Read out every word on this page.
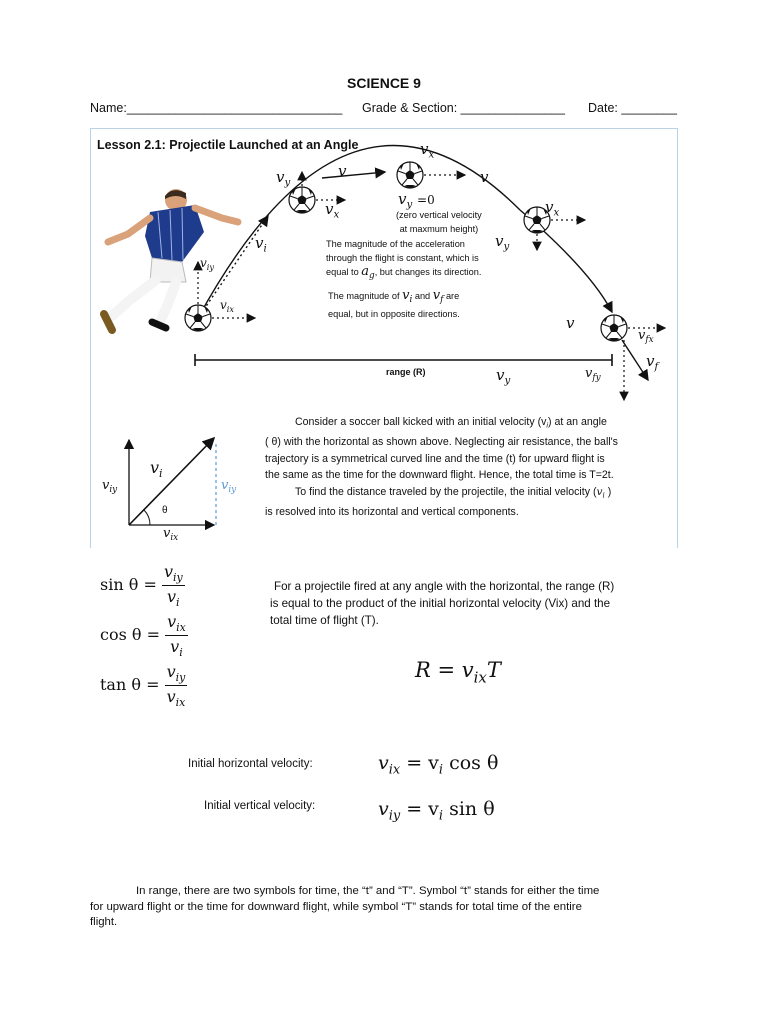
SCIENCE 9
Name:_______________________________ Grade & Section: _______________ Date: ________
Lesson 2.1: Projectile Launched at an Angle
$v_y$
v
$v_x$
$v_x$
v
$v_y =0$
(zero vertical velocity
at maxmum height)
$v_i$
$v_{iy}$
$v_{ix}$
$v_x$
$v_y$
v
$v_{fx}$
$v_f$
$v_y$
$v_{fy}$
range (R)
The magnitude of the acceleration
through the flight is constant, which is
equal to $a_g$, but changes its direction.
The magnitude of $v_i$ and $v_f$ are
equal, but in opposite directions.
$v_i$
$v_{iy}$	$v_{iy}$
$v_{ix}$
θ
Consider a soccer ball kicked with an initial velocity $(v_i)$ at an angle
( θ) with the horizontal as shown above. Neglecting air resistance, the ball's
trajectory is a symmetrical curved line and the time (t) for upward flight is
the same as the time for the downward flight. Hence, the total time is T=2t.
To find the distance traveled by the projectile, the initial velocity ($v_i$ )
is resolved into its horizontal and vertical components.
$\sin \theta = \frac{v_{iy}}{v_i}$
$\cos \theta = \frac{v_{ix}}{v_i}$
$\tan \theta = \frac{v_{iy}}{v_{ix}}$
For a projectile fired at any angle with the horizontal, the range (R)
is equal to the product of the initial horizontal velocity (Vix) and the
total time of flight (T).
$R = v_{ix}T$
Initial horizontal velocity:	$v_{ix} = v_i$ cos θ
Initial vertical velocity:	$v_{iy} = v_i$ sin θ
In range, there are two symbols for time, the “t” and “T”. Symbol “t” stands for either the time
for upward flight or the time for downward flight, while symbol “T” stands for total time of the entire
flight.
